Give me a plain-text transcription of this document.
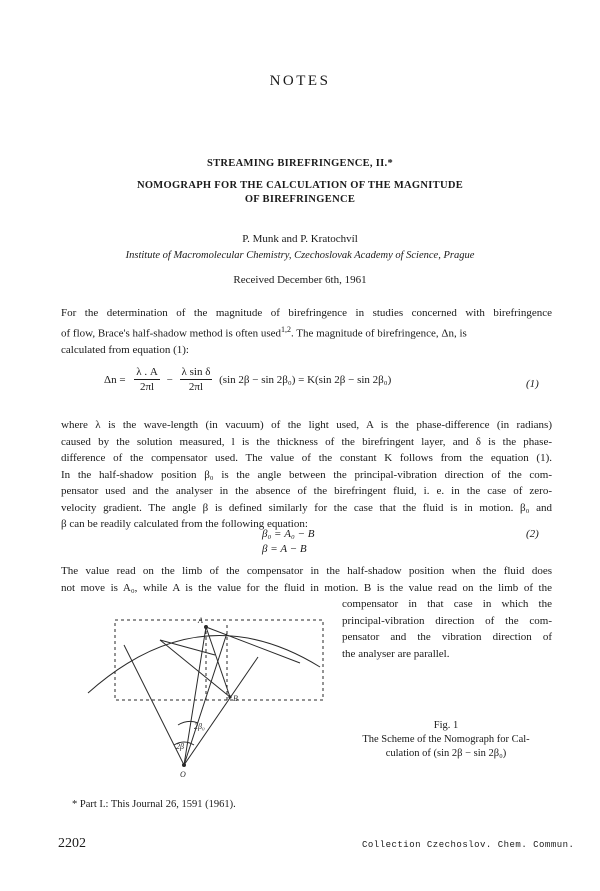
NOTES
STREAMING BIREFRINGENCE, II.*
NOMOGRAPH FOR THE CALCULATION OF THE MAGNITUDE
OF BIREFRINGENCE
P. Munk and P. Kratochvíl
Institute of Macromolecular Chemistry, Czechoslovak Academy of Science, Prague
Received December 6th, 1961
For the determination of the magnitude of birefringence in studies concerned with birefringence
of flow, Brace's half-shadow method is often used$^{1,2}$. The magnitude of birefringence, Δn, is
calculated from equation (1):
$\Delta n = \frac{\lambda . A}{2\pi l} - \frac{\text{λ sin δ}}{2\pi l} (\sin$ 2β − sin 2β₀) = K(sin 2β − sin 2β₀)	(1)
where λ is the wave-length (in vacuum) of the light used, A is the phase-difference (in radians)
caused by the solution measured, l is the thickness of the birefringent layer, and δ is the phase-
difference of the compensator used. The value of the constant K follows from the equation (1).
In the half-shadow position β₀ is the angle between the principal-vibration direction of the com-
pensator used and the analyser in the absence of the birefringent fluid, i. e. in the case of zero-
velocity gradient. The angle β is defined similarly for the case that the fluid is in motion. β₀ and
β can be readily calculated from the following equation:
β₀ = A₀ − B
β = A − B
(2)
The value read on the limb of the compensator in the half-shadow position when the fluid does
not move is A₀, while A is the value for the fluid in motion. B is the value read on the limb of the
compensator in that case in which the
principal-vibration direction of the com-
pensator and the vibration direction of
the analyser are parallel.
A
2β₀
2β
B
O
Fig. 1
The Scheme of the Nomograph for Cal-
culation of (sin 2β − sin 2β₀)
* Part I.: This Journal 26, 1591 (1961).
2202	Collection Czechoslov. Chem. Commun.
